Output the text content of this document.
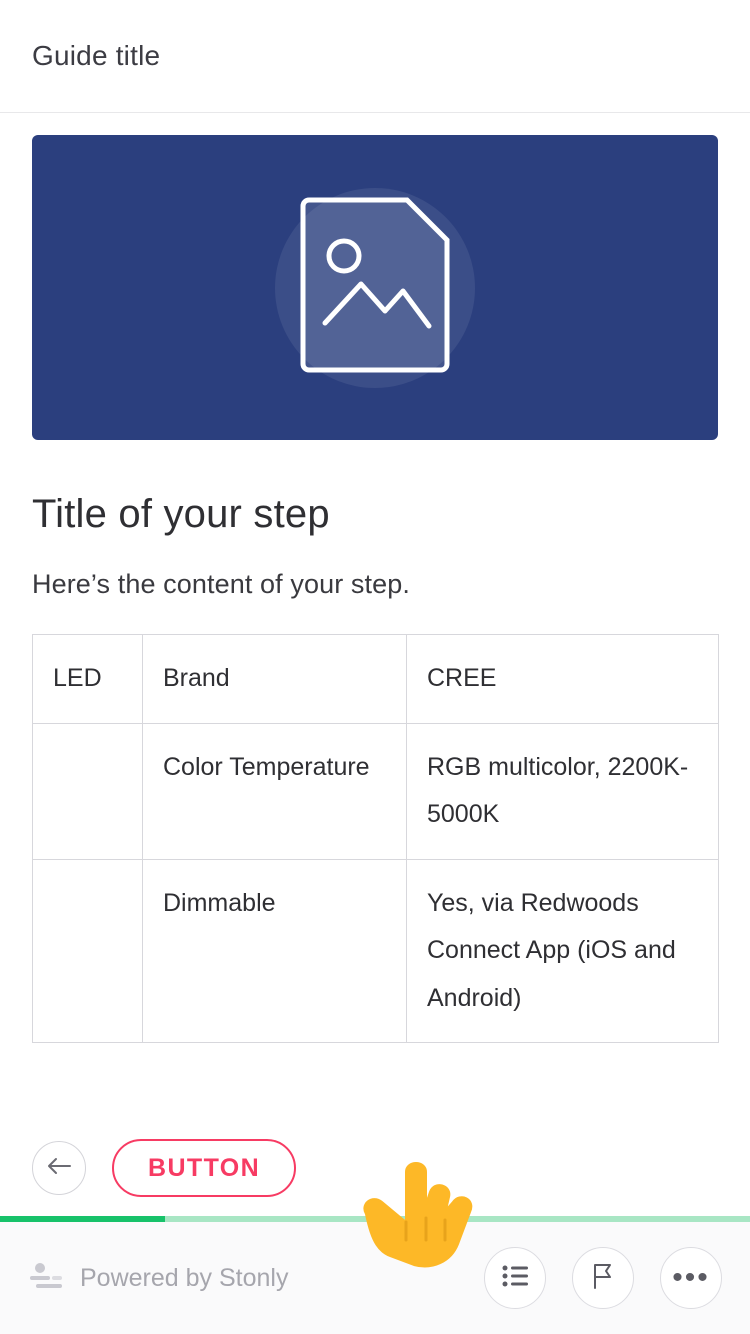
Guide title
Title of your step
Here’s the content of your step.
LED	Brand	CREE
	Color Temperature	RGB multicolor, 2200K-5000K
	Dimmable	Yes, via Redwoods Connect App (iOS and Android)
BUTTON
Powered by Stonly	•••
